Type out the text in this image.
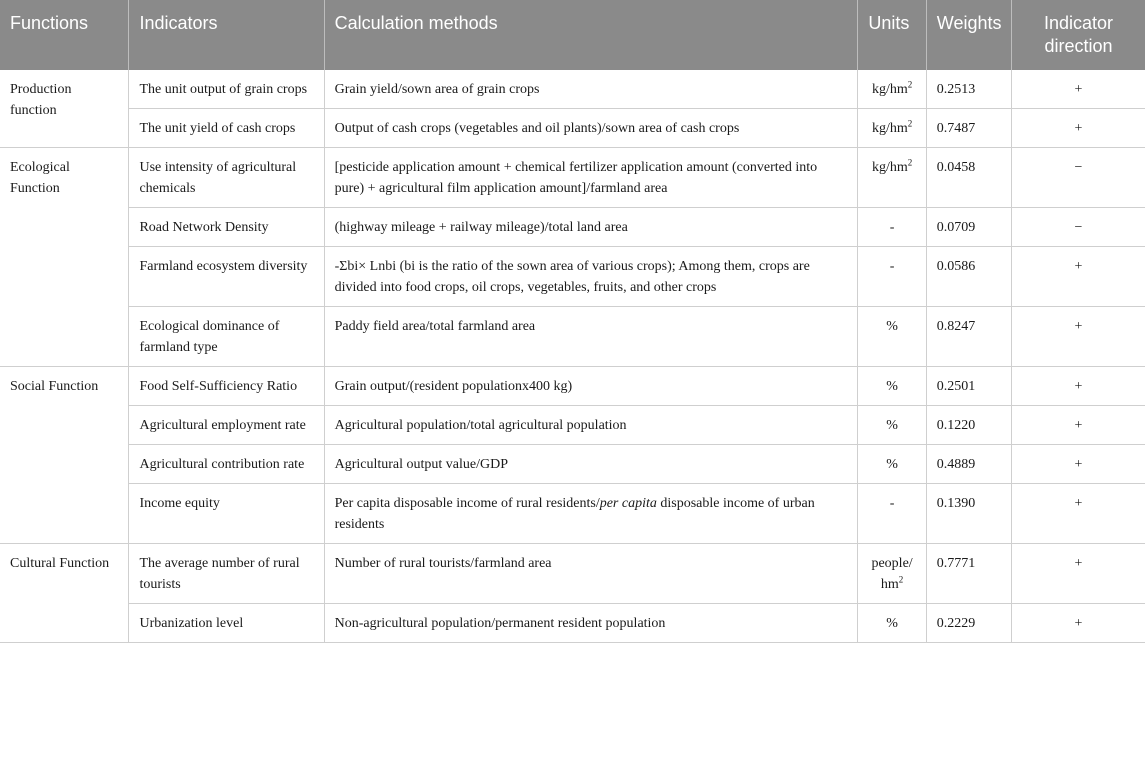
Functions	Indicators	Calculation methods	Units	Weights	Indicator direction
Production function	The unit output of grain crops	Grain yield/sown area of grain crops	$kg/hm^2$	0.2513	+
	The unit yield of cash crops	Output of cash crops (vegetables and oil plants)/sown area of cash crops	$kg/hm^2$	0.7487	+
Ecological Function	Use intensity of agricultural chemicals	[pesticide application amount + chemical fertilizer application amount (converted into pure) + agricultural film application amount]/farmland area	$kg/hm^2$	0.0458	−
	Road Network Density	(highway mileage + railway mileage)/total land area	-	0.0709	−
	Farmland ecosystem diversity	-Σbi× Lnbi (bi is the ratio of the sown area of various crops); Among them, crops are divided into food crops, oil crops, vegetables, fruits, and other crops	-	0.0586	+
	Ecological dominance of farmland type	Paddy field area/total farmland area	%	0.8247	+
Social Function	Food Self-Sufficiency Ratio	Grain output/(resident populationx400 kg)	%	0.2501	+
	Agricultural employment rate	Agricultural population/total agricultural population	%	0.1220	+
	Agricultural contribution rate	Agricultural output value/GDP	%	0.4889	+
	Income equity	Per capita disposable income of rural residents/per capita disposable income of urban residents	-	0.1390	+
Cultural Function	The average number of rural tourists	Number of rural tourists/farmland area	people/ $hm^2$	0.7771	+
	Urbanization level	Non-agricultural population/permanent resident population	%	0.2229	+
